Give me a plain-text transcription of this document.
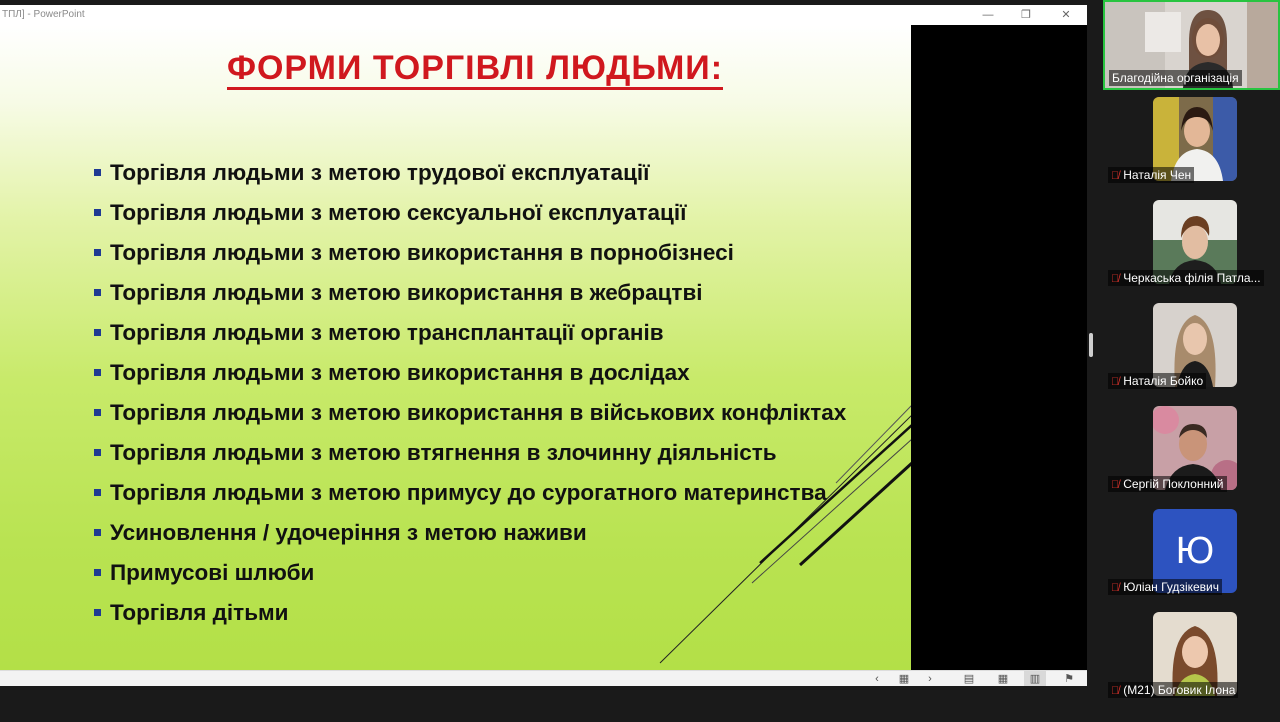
ТПЛ] - PowerPoint	—	❐	✕
ФОРМИ ТОРГІВЛІ ЛЮДЬМИ:
Торгівля людьми з метою трудової експлуатації
Торгівля людьми з метою сексуальної експлуатації
Торгівля людьми з метою використання в порнобізнесі
Торгівля людьми з метою використання в жебрацтві
Торгівля людьми з метою трансплантації органів
Торгівля людьми з метою використання в дослідах
Торгівля людьми з метою використання в військових конфліктах
Торгівля людьми з метою втягнення в злочинну діяльність
Торгівля людьми з метою примусу до сурогатного материнства
Усиновлення / удочеріння з метою наживи
Примусові шлюби
Торгівля дітьми
‹	▦	›	▤	▦	▥	⚑
Благодійна організація
🎙̸ Наталія Чен
🎙̸ Черкаська філія Патла...
🎙̸ Наталія Бойко
🎙̸ Сергій Поклонний
Ю
🎙̸ Юліан Гудзікевич
🎙̸ (M21) Боговик Ілона
